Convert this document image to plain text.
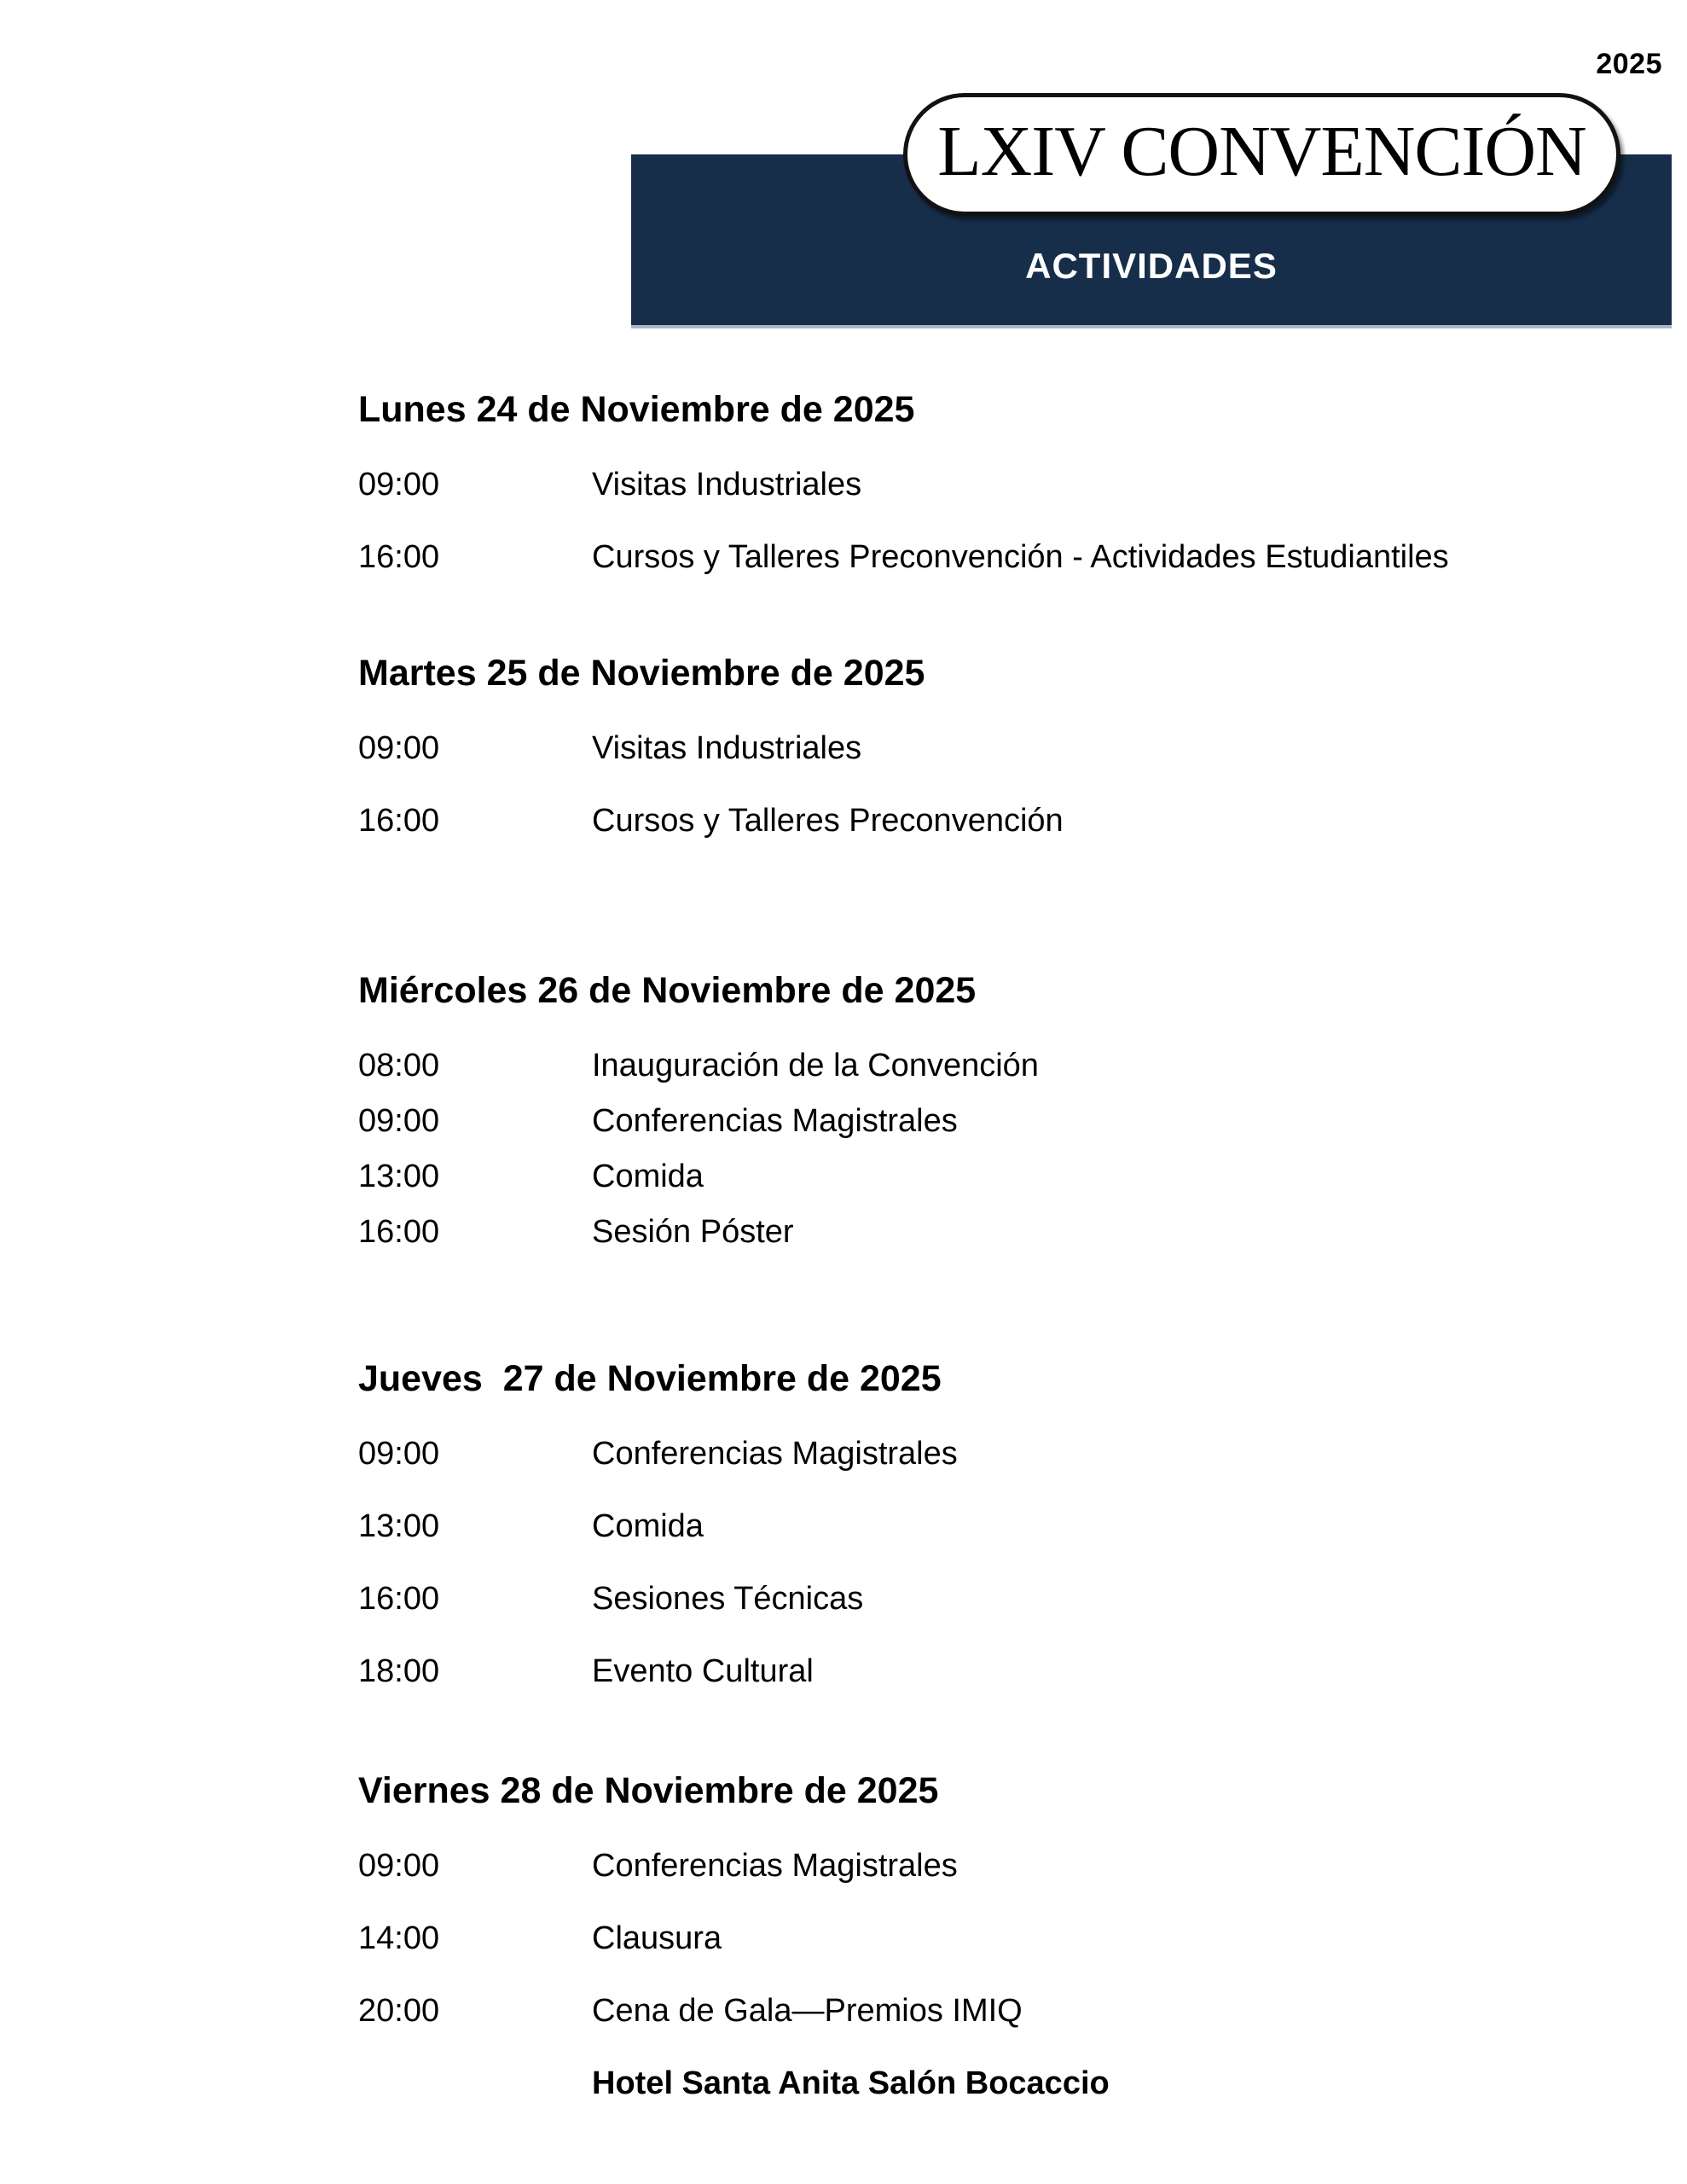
2025
ACTIVIDADES
LXIV CONVENCIÓN
Lunes 24 de Noviembre de 2025
09:00	Visitas Industriales
16:00	Cursos y Talleres Preconvención - Actividades Estudiantiles
Martes 25 de Noviembre de 2025
09:00	Visitas Industriales
16:00	Cursos y Talleres Preconvención
Miércoles 26 de Noviembre de 2025
08:00	Inauguración de la Convención
09:00	Conferencias Magistrales
13:00	Comida
16:00	Sesión Póster
Jueves  27 de Noviembre de 2025
09:00	Conferencias Magistrales
13:00	Comida
16:00	Sesiones Técnicas
18:00	Evento Cultural
Viernes 28 de Noviembre de 2025
09:00	Conferencias Magistrales
14:00	Clausura
20:00	Cena de Gala—Premios IMIQ
Hotel Santa Anita Salón Bocaccio
